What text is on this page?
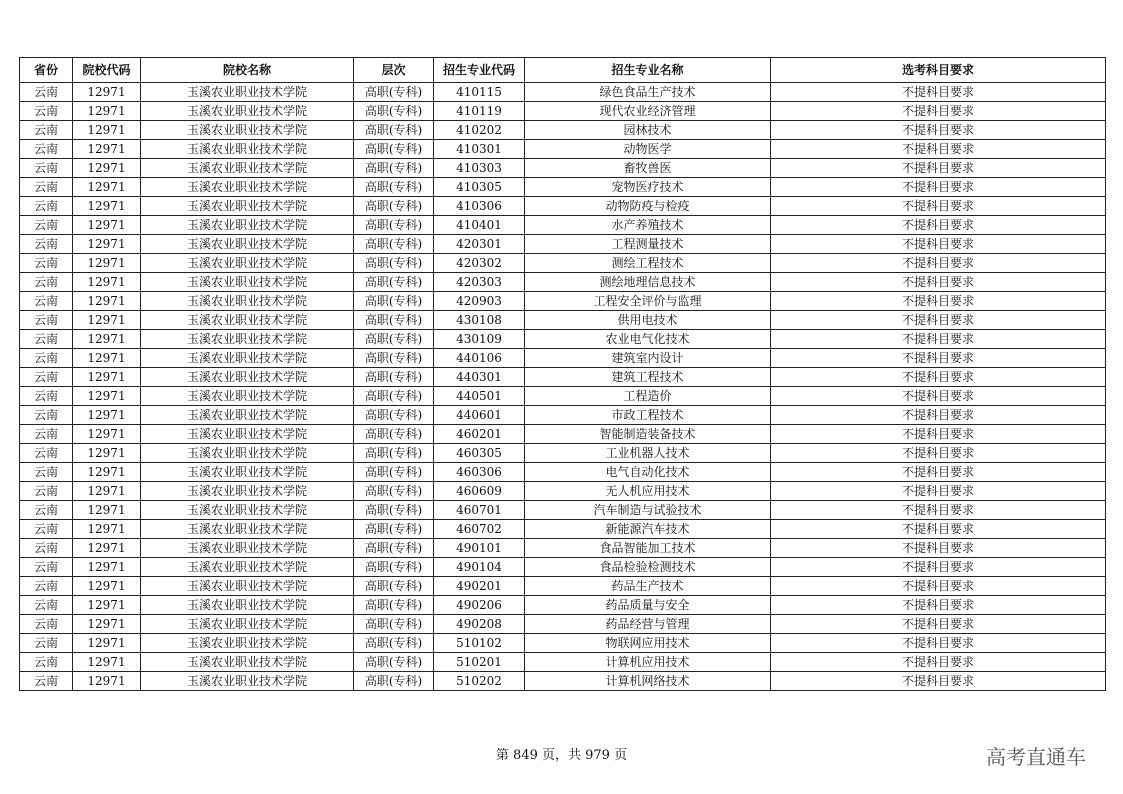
省份	院校代码	院校名称	层次	招生专业代码	招生专业名称	选考科目要求
云南	12971	玉溪农业职业技术学院	高职(专科)	410115	绿色食品生产技术	不提科目要求
云南	12971	玉溪农业职业技术学院	高职(专科)	410119	现代农业经济管理	不提科目要求
云南	12971	玉溪农业职业技术学院	高职(专科)	410202	园林技术	不提科目要求
云南	12971	玉溪农业职业技术学院	高职(专科)	410301	动物医学	不提科目要求
云南	12971	玉溪农业职业技术学院	高职(专科)	410303	畜牧兽医	不提科目要求
云南	12971	玉溪农业职业技术学院	高职(专科)	410305	宠物医疗技术	不提科目要求
云南	12971	玉溪农业职业技术学院	高职(专科)	410306	动物防疫与检疫	不提科目要求
云南	12971	玉溪农业职业技术学院	高职(专科)	410401	水产养殖技术	不提科目要求
云南	12971	玉溪农业职业技术学院	高职(专科)	420301	工程测量技术	不提科目要求
云南	12971	玉溪农业职业技术学院	高职(专科)	420302	测绘工程技术	不提科目要求
云南	12971	玉溪农业职业技术学院	高职(专科)	420303	测绘地理信息技术	不提科目要求
云南	12971	玉溪农业职业技术学院	高职(专科)	420903	工程安全评价与监理	不提科目要求
云南	12971	玉溪农业职业技术学院	高职(专科)	430108	供用电技术	不提科目要求
云南	12971	玉溪农业职业技术学院	高职(专科)	430109	农业电气化技术	不提科目要求
云南	12971	玉溪农业职业技术学院	高职(专科)	440106	建筑室内设计	不提科目要求
云南	12971	玉溪农业职业技术学院	高职(专科)	440301	建筑工程技术	不提科目要求
云南	12971	玉溪农业职业技术学院	高职(专科)	440501	工程造价	不提科目要求
云南	12971	玉溪农业职业技术学院	高职(专科)	440601	市政工程技术	不提科目要求
云南	12971	玉溪农业职业技术学院	高职(专科)	460201	智能制造装备技术	不提科目要求
云南	12971	玉溪农业职业技术学院	高职(专科)	460305	工业机器人技术	不提科目要求
云南	12971	玉溪农业职业技术学院	高职(专科)	460306	电气自动化技术	不提科目要求
云南	12971	玉溪农业职业技术学院	高职(专科)	460609	无人机应用技术	不提科目要求
云南	12971	玉溪农业职业技术学院	高职(专科)	460701	汽车制造与试验技术	不提科目要求
云南	12971	玉溪农业职业技术学院	高职(专科)	460702	新能源汽车技术	不提科目要求
云南	12971	玉溪农业职业技术学院	高职(专科)	490101	食品智能加工技术	不提科目要求
云南	12971	玉溪农业职业技术学院	高职(专科)	490104	食品检验检测技术	不提科目要求
云南	12971	玉溪农业职业技术学院	高职(专科)	490201	药品生产技术	不提科目要求
云南	12971	玉溪农业职业技术学院	高职(专科)	490206	药品质量与安全	不提科目要求
云南	12971	玉溪农业职业技术学院	高职(专科)	490208	药品经营与管理	不提科目要求
云南	12971	玉溪农业职业技术学院	高职(专科)	510102	物联网应用技术	不提科目要求
云南	12971	玉溪农业职业技术学院	高职(专科)	510201	计算机应用技术	不提科目要求
云南	12971	玉溪农业职业技术学院	高职(专科)	510202	计算机网络技术	不提科目要求
第 849 页，共 979 页	高考直通车
